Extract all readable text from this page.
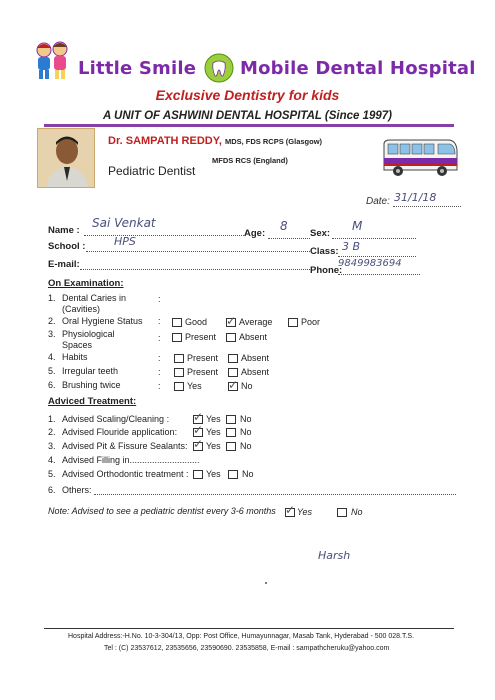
Little Smile Mobile Dental Hospital
Exclusive Dentistry for kids
A UNIT OF ASHWINI DENTAL HOSPITAL (Since 1997)
Dr. SAMPATH REDDY, MDS, FDS RCPS (Glasgow)
MFDS RCS (England)
Pediatric Dentist
Date: 31/1/18
Name :
Sai Venkat
Age:
8
Sex:
M
School :	HPS
Class: 3 B
E-mail:
Phone:
9849983694
On Examination:
1. Dental Caries in
(Cavities)
:
2. Oral Hygiene Status :	Good ✓ Average	Poor
3. Physiological
Spaces
:	Present	Absent
4. Habits	:	Present	Absent
5. Irregular teeth	:	Present	Absent
6. Brushing twice	:	Yes ✓ No
Adviced Treatment:
1. Advised Scaling/Cleaning : ✓ Yes No
2. Advised Flouride application: ✓ Yes No
3. Advised Pit & Fissure Sealants: ✓ Yes No
4. Advised Filling in............................
5. Advised Orthodontic treatment : Yes No
6. Others:
Note: Advised to see a pediatric dentist every 3-6 months ✓ Yes	No
Harsh
Hospital Address:-H.No. 10-3-304/13, Opp: Post Office, Humayunnagar, Masab Tank, Hyderabad - 500 028.T.S.
Tel : (C) 23537612, 23535656, 23590690. 23535858, E-mail : sampathcheruku@yahoo.com
